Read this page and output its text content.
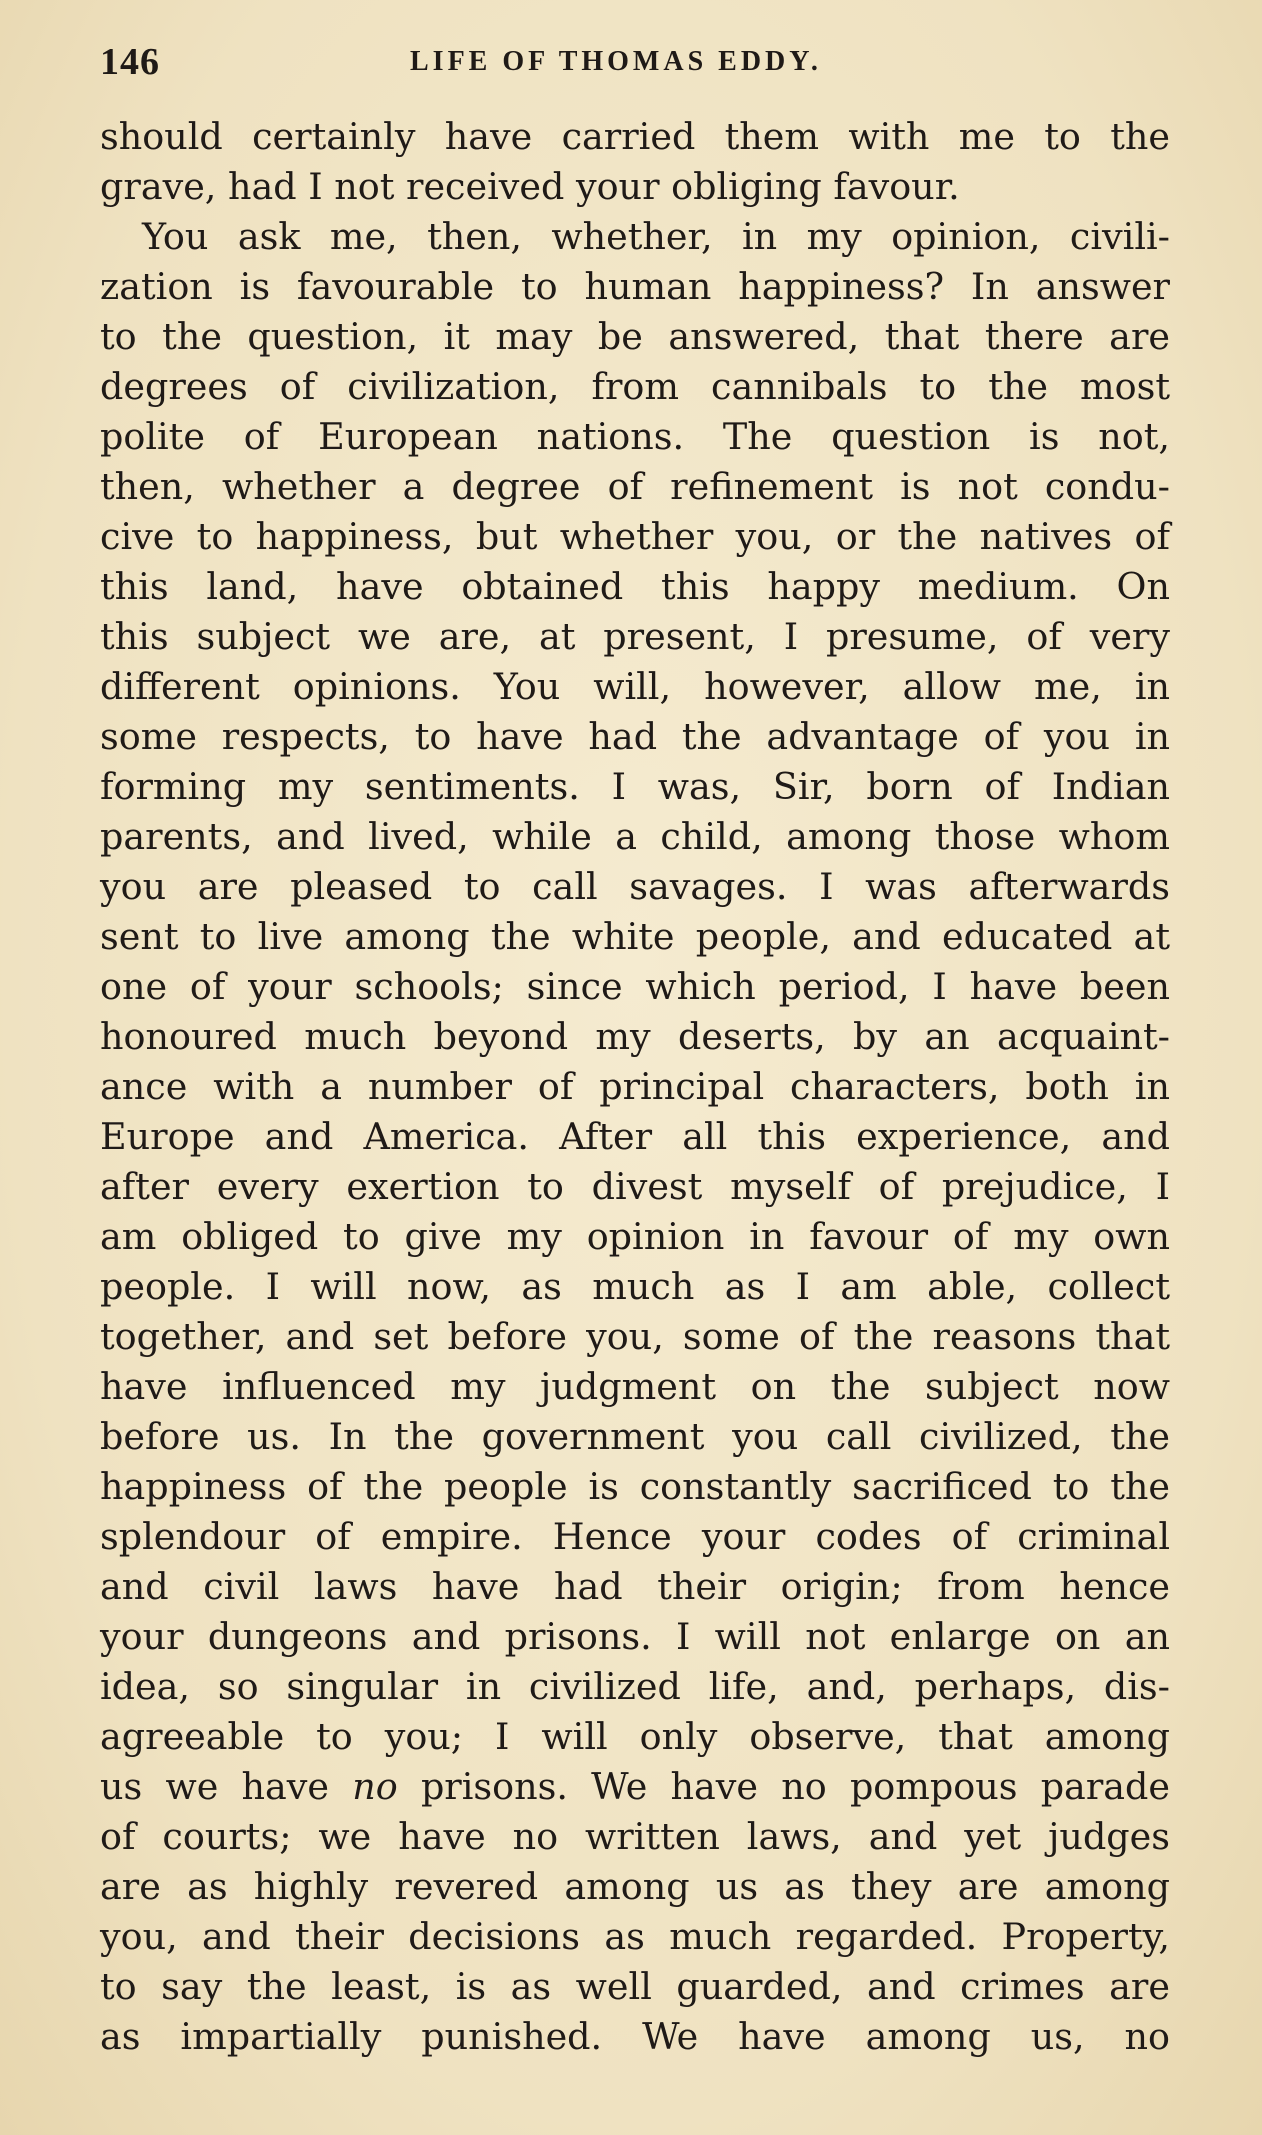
146	LIFE OF THOMAS EDDY.
should certainly have carried them with me to the
grave, had I not received your obliging favour.
You ask me, then, whether, in my opinion, civili-
zation is favourable to human happiness? In answer
to the question, it may be answered, that there are
degrees of civilization, from cannibals to the most
polite of European nations. The question is not,
then, whether a degree of refinement is not condu-
cive to happiness, but whether you, or the natives of
this land, have obtained this happy medium. On
this subject we are, at present, I presume, of very
different opinions. You will, however, allow me, in
some respects, to have had the advantage of you in
forming my sentiments. I was, Sir, born of Indian
parents, and lived, while a child, among those whom
you are pleased to call savages. I was afterwards
sent to live among the white people, and educated at
one of your schools; since which period, I have been
honoured much beyond my deserts, by an acquaint-
ance with a number of principal characters, both in
Europe and America. After all this experience, and
after every exertion to divest myself of prejudice, I
am obliged to give my opinion in favour of my own
people. I will now, as much as I am able, collect
together, and set before you, some of the reasons that
have influenced my judgment on the subject now
before us. In the government you call civilized, the
happiness of the people is constantly sacrificed to the
splendour of empire. Hence your codes of criminal
and civil laws have had their origin; from hence
your dungeons and prisons. I will not enlarge on an
idea, so singular in civilized life, and, perhaps, dis-
agreeable to you; I will only observe, that among
us we have no prisons. We have no pompous parade
of courts; we have no written laws, and yet judges
are as highly revered among us as they are among
you, and their decisions as much regarded. Property,
to say the least, is as well guarded, and crimes are
as impartially punished. We have among us, no
